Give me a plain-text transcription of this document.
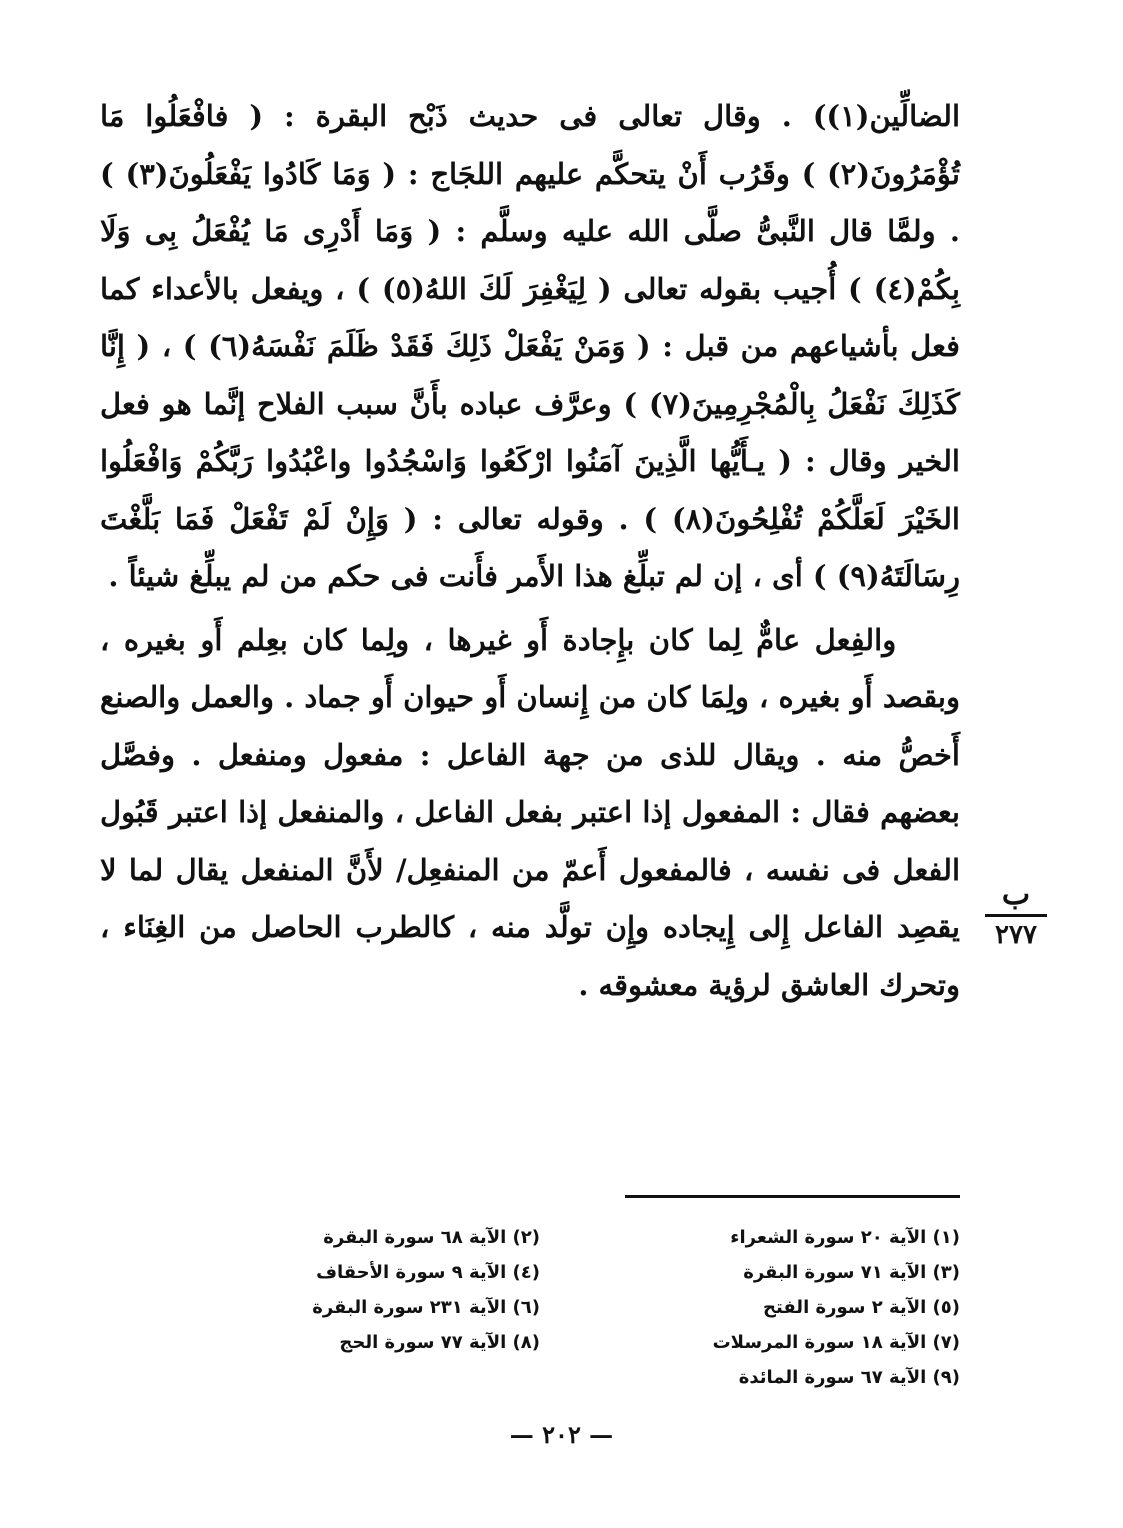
الضالِّين(١)) . وقال تعالى فى حديث ذَبْح البقرة : ( فافْعَلُوا مَا تُؤْمَرُونَ(٢) ) وقَرُب أَنْ يتحكَّم عليهم اللجَاج : ( وَمَا كَادُوا يَفْعَلُونَ(٣) ) . ولمَّا قال النَّبىُّ صلَّى الله عليه وسلَّم : ( وَمَا أَدْرِى مَا يُفْعَلُ بِى وَلَا بِكُمْ(٤) ) أُجيب بقوله تعالى ( لِيَغْفِرَ لَكَ اللهُ(٥) ) ، ويفعل بالأعداء كما فعل بأشياعهم من قبل : ( وَمَنْ يَفْعَلْ ذَلِكَ فَقَدْ ظَلَمَ نَفْسَهُ(٦) ) ، ( إِنَّا كَذَلِكَ نَفْعَلُ بِالْمُجْرِمِينَ(٧) ) وعرَّف عباده بأَنَّ سبب الفلاح إنَّما هو فعل الخير وقال : ( يـأَيُّها الَّذِينَ آمَنُوا ارْكَعُوا وَاسْجُدُوا واعْبُدُوا رَبَّكُمْ وَافْعَلُوا الخَيْرَ لَعَلَّكُمْ تُفْلِحُونَ(٨) ) . وقوله تعالى : ( وَإِنْ لَمْ تَفْعَلْ فَمَا بَلَّغْتَ رِسَالَتَهُ(٩) ) أى ، إن لم تبلِّغ هذا الأَمر فأَنت فى حكم من لم يبلِّغ شيئاً .

والفِعل عامٌّ لِما كان بإِجادة أَو غيرها ، ولِما كان بعِلم أَو بغيره ، وبقصد أَو بغيره ، ولِمَا كان من إِنسان أَو حيوان أَو جماد . والعمل والصنع أَخصُّ منه . ويقال للذى من جهة الفاعل : مفعول ومنفعل . وفصَّل بعضهم فقال : المفعول إذا اعتبر بفعل الفاعل ، والمنفعل إذا اعتبر قَبُول الفعل فى نفسه ، فالمفعول أَعمّ من المنفعِل/ لأَنَّ المنفعل يقال لما لا يقصِد الفاعل إِلى إِيجاده وإِن تولَّد منه ، كالطرب الحاصل من الغِنَاء ، وتحرك العاشق لرؤية معشوقه .

ب
٢٧٧
(١) الآية ٢٠ سورة الشعراء
(٣) الآية ٧١ سورة البقرة
(٥) الآية ٢ سورة الفتح
(٧) الآية ١٨ سورة المرسلات
(٩) الآية ٦٧ سورة المائدة
(٢) الآية ٦٨ سورة البقرة
(٤) الآية ٩ سورة الأحقاف
(٦) الآية ٢٣١ سورة البقرة
(٨) الآية ٧٧ سورة الحج
— ٢٠٢ —
